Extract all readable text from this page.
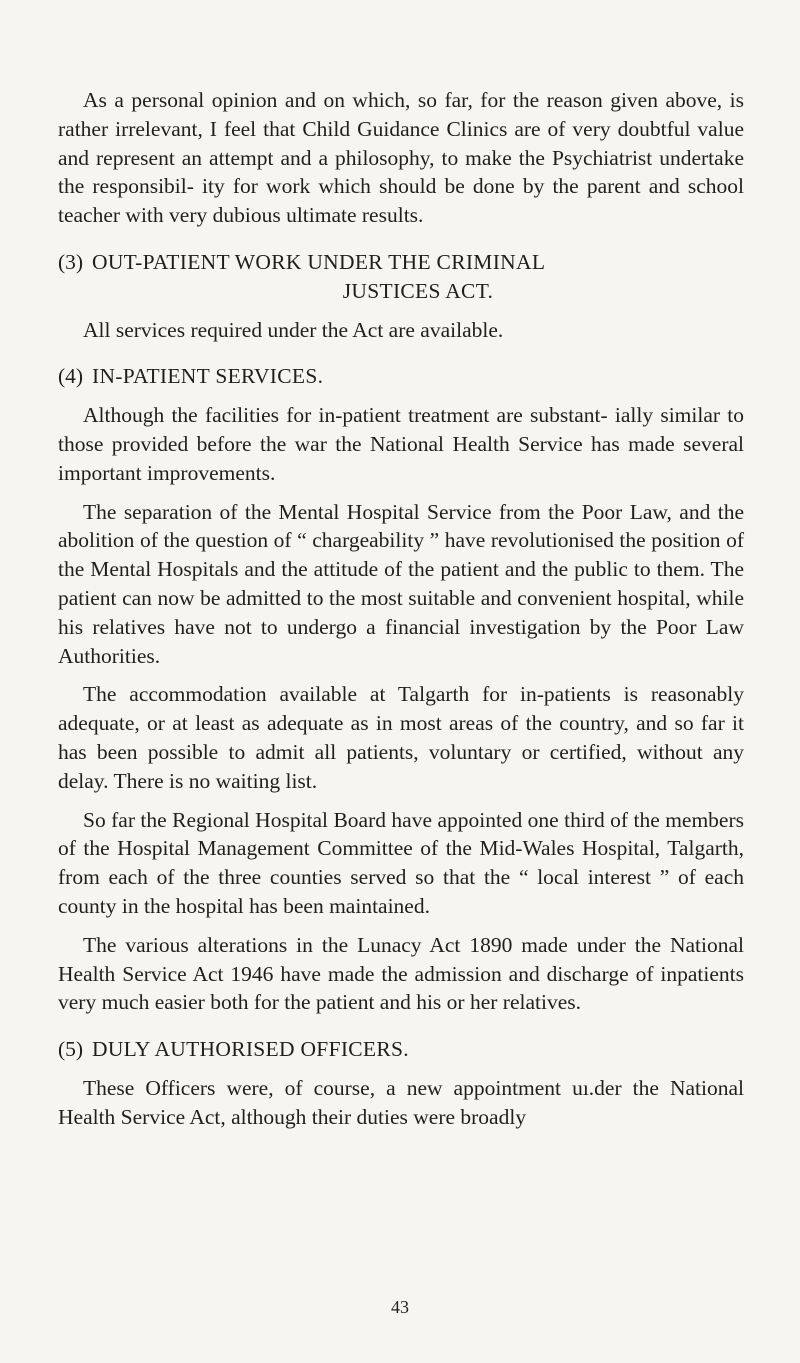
As a personal opinion and on which, so far, for the reason given above, is rather irrelevant, I feel that Child Guidance Clinics are of very doubtful value and represent an attempt and a philosophy, to make the Psychiatrist undertake the responsibil- ity for work which should be done by the parent and school teacher with very dubious ultimate results.

(3) OUT-PATIENT WORK UNDER THE CRIMINAL
JUSTICES ACT.

All services required under the Act are available.

(4) IN-PATIENT SERVICES.

Although the facilities for in-patient treatment are substant- ially similar to those provided before the war the National Health Service has made several important improvements.

The separation of the Mental Hospital Service from the Poor Law, and the abolition of the question of “ chargeability ” have revolutionised the position of the Mental Hospitals and the attitude of the patient and the public to them. The patient can now be admitted to the most suitable and convenient hospital, while his relatives have not to undergo a financial investigation by the Poor Law Authorities.

The accommodation available at Talgarth for in-patients is reasonably adequate, or at least as adequate as in most areas of the country, and so far it has been possible to admit all patients, voluntary or certified, without any delay. There is no waiting list.

So far the Regional Hospital Board have appointed one third of the members of the Hospital Management Committee of the Mid-Wales Hospital, Talgarth, from each of the three counties served so that the “ local interest ” of each county in the hospital has been maintained.

The various alterations in the Lunacy Act 1890 made under the National Health Service Act 1946 have made the admission and discharge of inpatients very much easier both for the patient and his or her relatives.

(5) DULY AUTHORISED OFFICERS.

These Officers were, of course, a new appointment uı.der the National Health Service Act, although their duties were broadly

43
